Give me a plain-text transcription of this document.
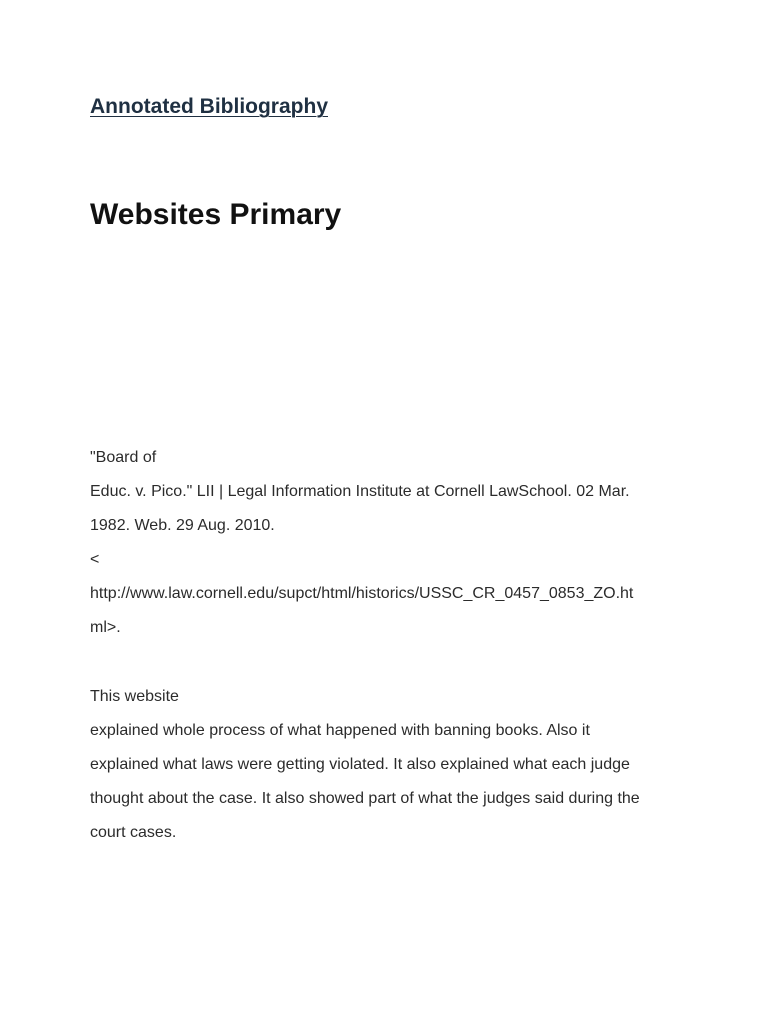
Annotated Bibliography
Websites Primary

"Board of

Educ. v. Pico." LII | Legal Information Institute at Cornell LawSchool. 02 Mar.

1982. Web. 29 Aug. 2010.

<

http://www.law.cornell.edu/supct/html/historics/USSC_CR_0457_0853_ZO.ht

ml>.

This website

explained whole process of what happened with banning books. Also it

explained what laws were getting violated. It also explained what each judge

thought about the case. It also showed part of what the judges said during the

court cases.
